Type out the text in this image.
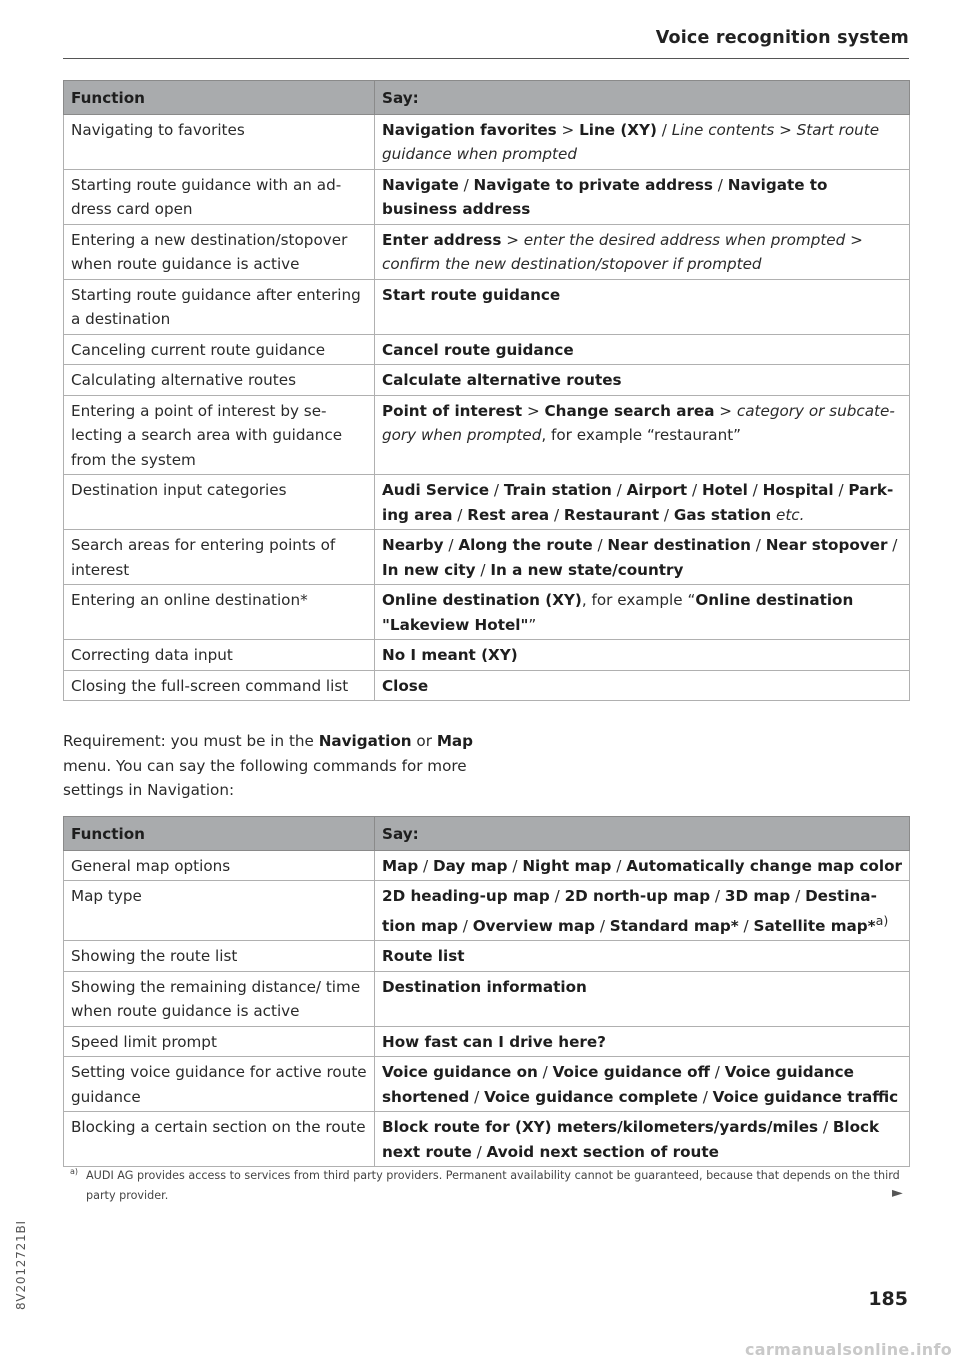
Voice recognition system
Function	Say:
Navigating to favorites	Navigation favorites > Line (XY) / Line contents > Start route guidance when prompted
Starting route guidance with an address card open	Navigate / Navigate to private address / Navigate to business address
Entering a new destination/stopover when route guidance is active	Enter address > enter the desired address when prompted > confirm the new destination/stopover if prompted
Starting route guidance after entering a destination	Start route guidance
Canceling current route guidance	Cancel route guidance
Calculating alternative routes	Calculate alternative routes
Entering a point of interest by selecting a search area with guidance from the system	Point of interest > Change search area > category or subcategory when prompted, for example “restaurant”
Destination input categories	Audi Service / Train station / Airport / Hotel / Hospital / Parking area / Rest area / Restaurant / Gas station etc.
Search areas for entering points of interest	Nearby / Along the route / Near destination / Near stopover / In new city / In a new state/country
Entering an online destination*	Online destination (XY), for example “Online destination "Lakeview Hotel"”
Correcting data input	No I meant (XY)
Closing the full-screen command list	Close

Requirement: you must be in the Navigation or Map menu. You can say the following commands for more settings in Navigation:

Function	Say:
General map options	Map / Day map / Night map / Automatically change map color
Map type	2D heading-up map / 2D north-up map / 3D map / Destination map / Overview map / Standard map* / Satellite map*$^{a)}$
Showing the route list	Route list
Showing the remaining distance/ time when route guidance is active	Destination information
Speed limit prompt	How fast can I drive here?
Setting voice guidance for active route guidance	Voice guidance on / Voice guidance off / Voice guidance shortened / Voice guidance complete / Voice guidance traffic
Blocking a certain section on the route	Block route for (XY) meters/kilometers/yards/miles / Block next route / Avoid next section of route
a) AUDI AG provides access to services from third party providers. Permanent availability cannot be guaranteed, because that depends on the third party provider.	►
8V2012721BI	185
carmanualsonline.info
